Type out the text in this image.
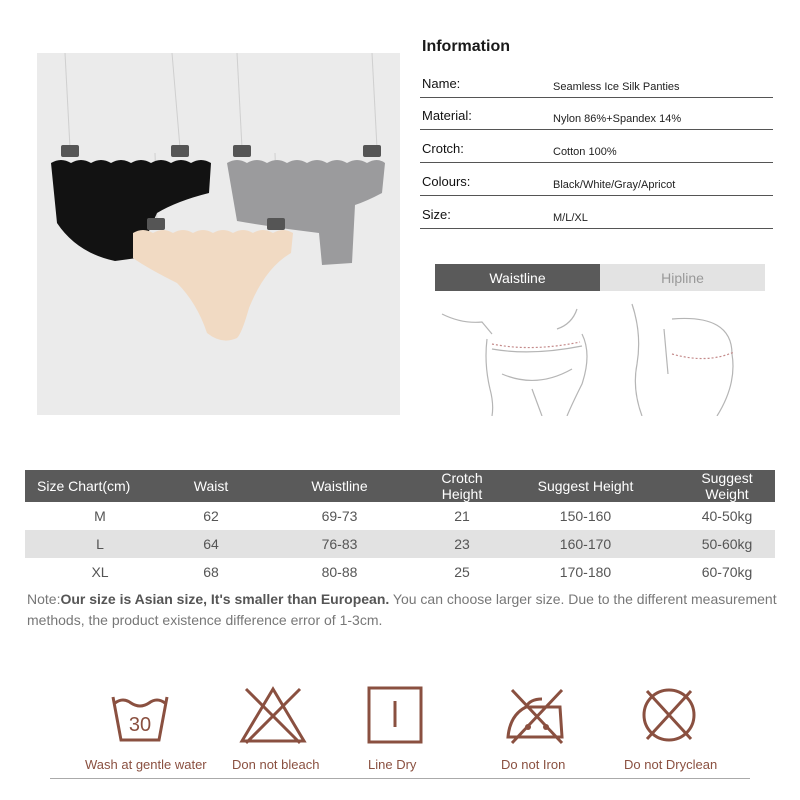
Information
Name:	Seamless Ice Silk Panties
Material:	Nylon 86%+Spandex 14%
Crotch:	Cotton 100%
Colours:	Black/White/Gray/Apricot
Size:	M/L/XL
Waistline	Hipline
Size Chart(cm)	Waist	Waistline	Crotch Height	Suggest Height	Suggest Weight
M	62	69-73	21	150-160	40-50kg
L	64	76-83	23	160-170	50-60kg
XL	68	80-88	25	170-180	60-70kg
Note:Our size is Asian size, It's smaller than European. You can choose larger size. Due to the different measurement methods, the product existence difference error of 1-3cm.
30
Wash at gentle water Don not bleach	Line Dry	Do not Iron	Do not Dryclean
